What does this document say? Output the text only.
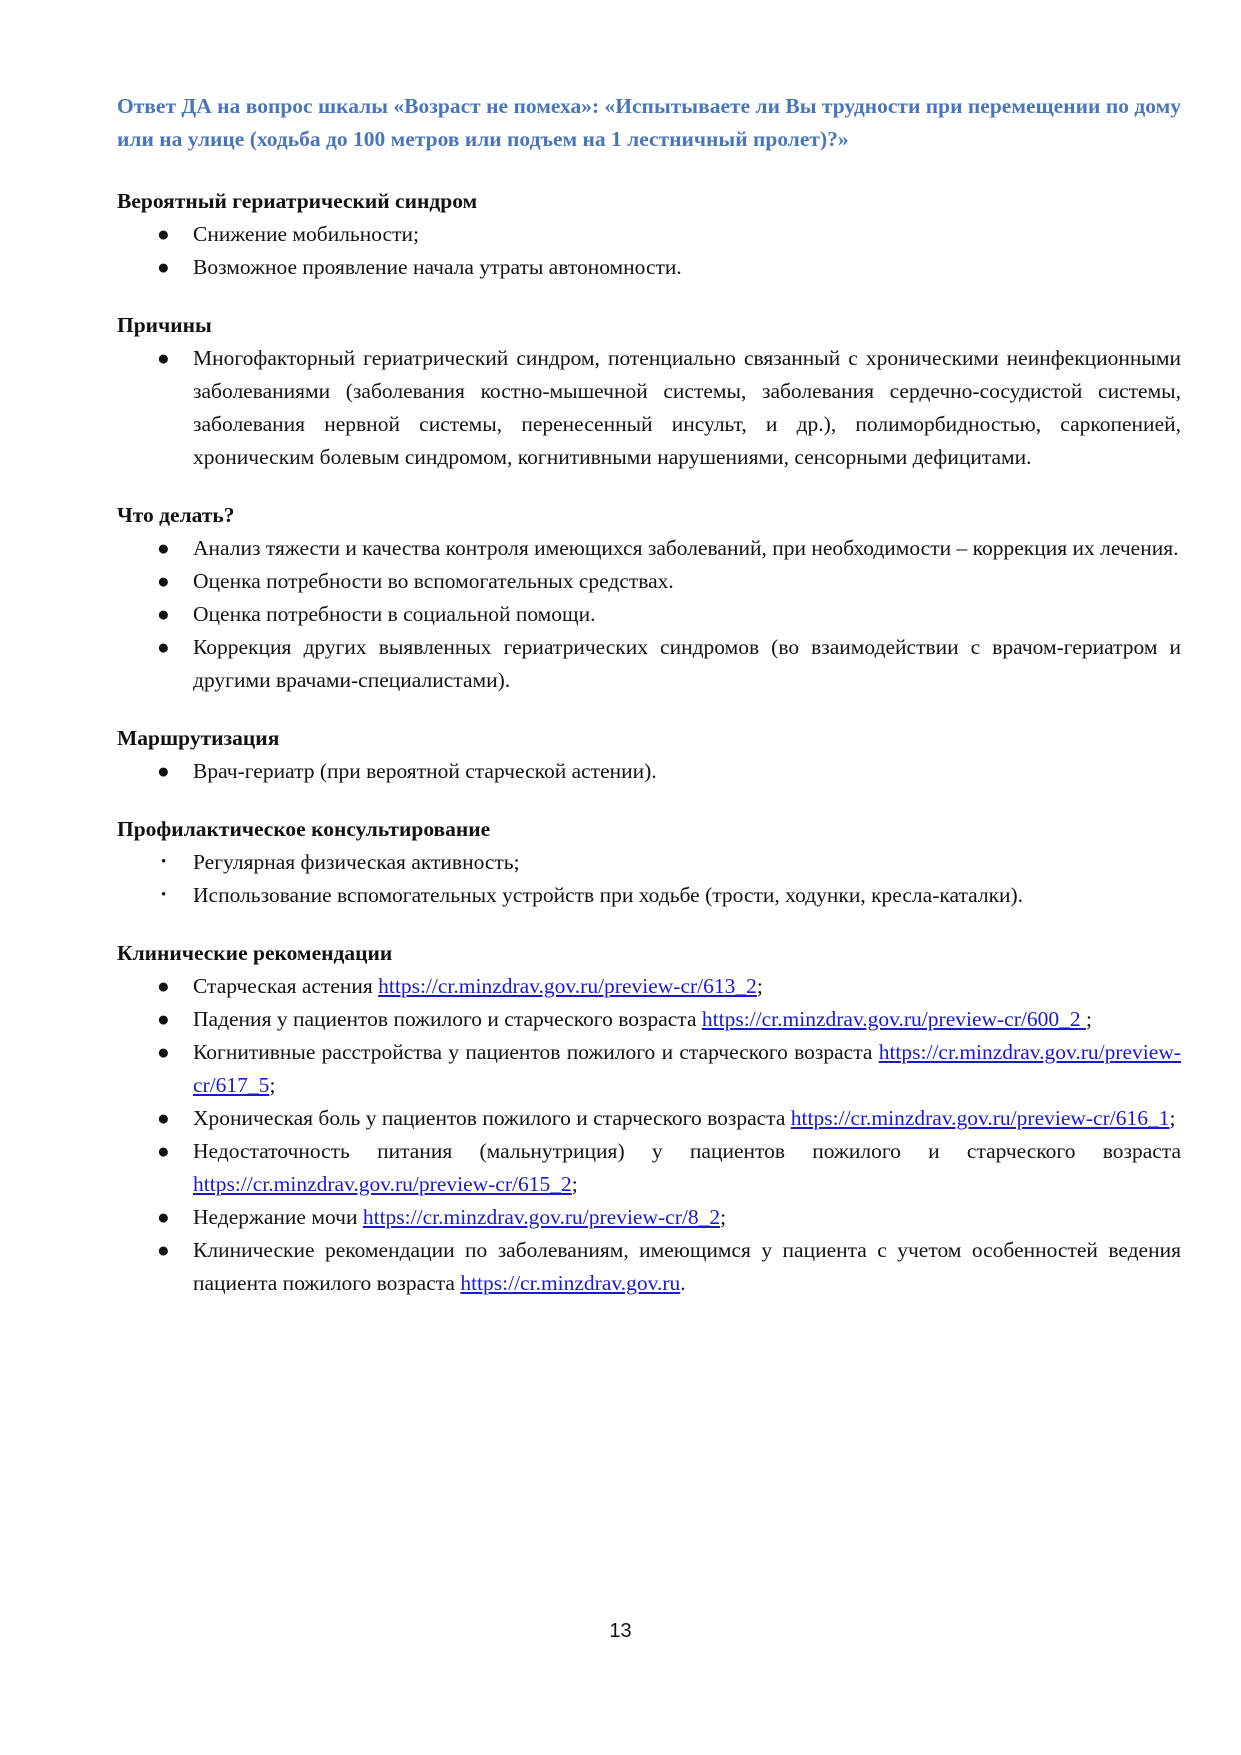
Ответ ДА на вопрос шкалы «Возраст не помеха»: «Испытываете ли Вы трудности при перемещении по дому или на улице (ходьба до 100 метров или подъем на 1 лестничный пролет)?»

Вероятный гериатрический синдром

● Снижение мобильности;
● Возможное проявление начала утраты автономности.

Причины

● Многофакторный гериатрический синдром, потенциально связанный с хроническими неинфекционными заболеваниями (заболевания костно-мышечной системы, заболевания сердечно-сосудистой системы, заболевания нервной системы, перенесенный инсульт, и др.), полиморбидностью, саркопенией, хроническим болевым синдромом, когнитивными нарушениями, сенсорными дефицитами.

Что делать?

● Анализ тяжести и качества контроля имеющихся заболеваний, при необходимости – коррекция их лечения.
● Оценка потребности во вспомогательных средствах.
● Оценка потребности в социальной помощи.
● Коррекция других выявленных гериатрических синдромов (во взаимодействии с врачом-гериатром и другими врачами-специалистами).

Маршрутизация

● Врач-гериатр (при вероятной старческой астении).

Профилактическое консультирование

• Регулярная физическая активность;
• Использование вспомогательных устройств при ходьбе (трости, ходунки, кресла-каталки).

Клинические рекомендации

● Старческая астения https://cr.minzdrav.gov.ru/preview-cr/613_2;
● Падения у пациентов пожилого и старческого возраста https://cr.minzdrav.gov.ru/preview-cr/600_2 ;
● Когнитивные расстройства у пациентов пожилого и старческого возраста https://cr.minzdrav.gov.ru/preview-cr/617_5;
● Хроническая боль у пациентов пожилого и старческого возраста https://cr.minzdrav.gov.ru/preview-cr/616_1;
● Недостаточность питания (мальнутриция) у пациентов пожилого и старческого возраста https://cr.minzdrav.gov.ru/preview-cr/615_2;
● Недержание мочи https://cr.minzdrav.gov.ru/preview-cr/8_2;
● Клинические рекомендации по заболеваниям, имеющимся у пациента с учетом особенностей ведения пациента пожилого возраста https://cr.minzdrav.gov.ru.
13
